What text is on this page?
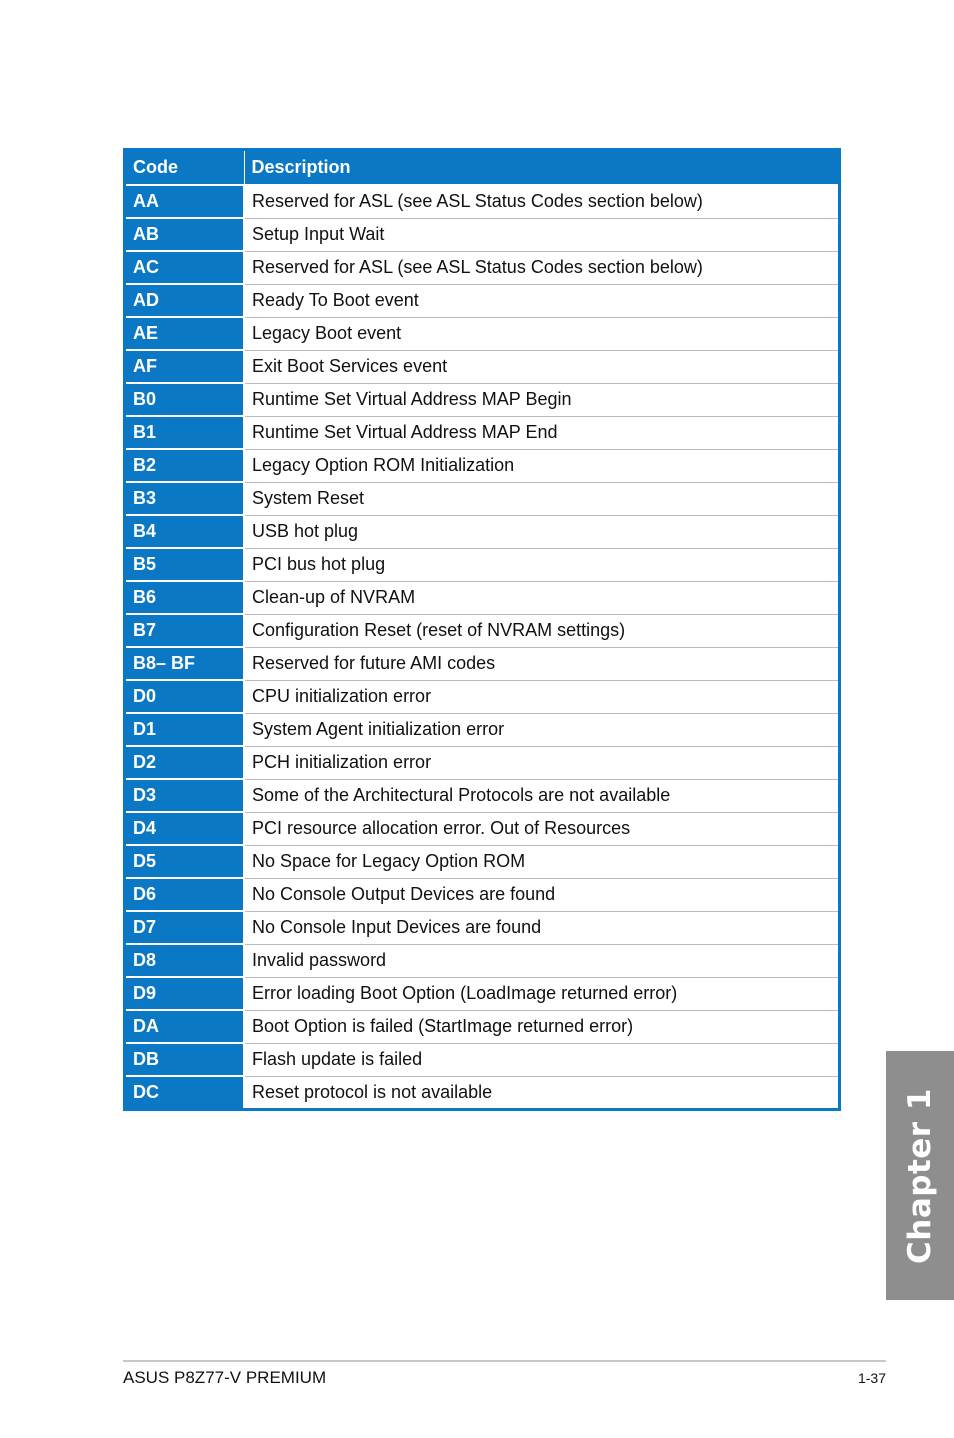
Code	Description
AA	Reserved for ASL (see ASL Status Codes section below)
AB	Setup Input Wait
AC	Reserved for ASL (see ASL Status Codes section below)
AD	Ready To Boot event
AE	Legacy Boot event
AF	Exit Boot Services event
B0	Runtime Set Virtual Address MAP Begin
B1	Runtime Set Virtual Address MAP End
B2	Legacy Option ROM Initialization
B3	System Reset
B4	USB hot plug
B5	PCI bus hot plug
B6	Clean-up of NVRAM
B7	Configuration Reset (reset of NVRAM settings)
B8– BF	Reserved for future AMI codes
D0	CPU initialization error
D1	System Agent initialization error
D2	PCH initialization error
D3	Some of the Architectural Protocols are not available
D4	PCI resource allocation error. Out of Resources
D5	No Space for Legacy Option ROM
D6	No Console Output Devices are found
D7	No Console Input Devices are found
D8	Invalid password
D9	Error loading Boot Option (LoadImage returned error)
DA	Boot Option is failed (StartImage returned error)
DB	Flash update is failed
DC	Reset protocol is not available	Chapter 1
ASUS P8Z77-V PREMIUM	1-37
